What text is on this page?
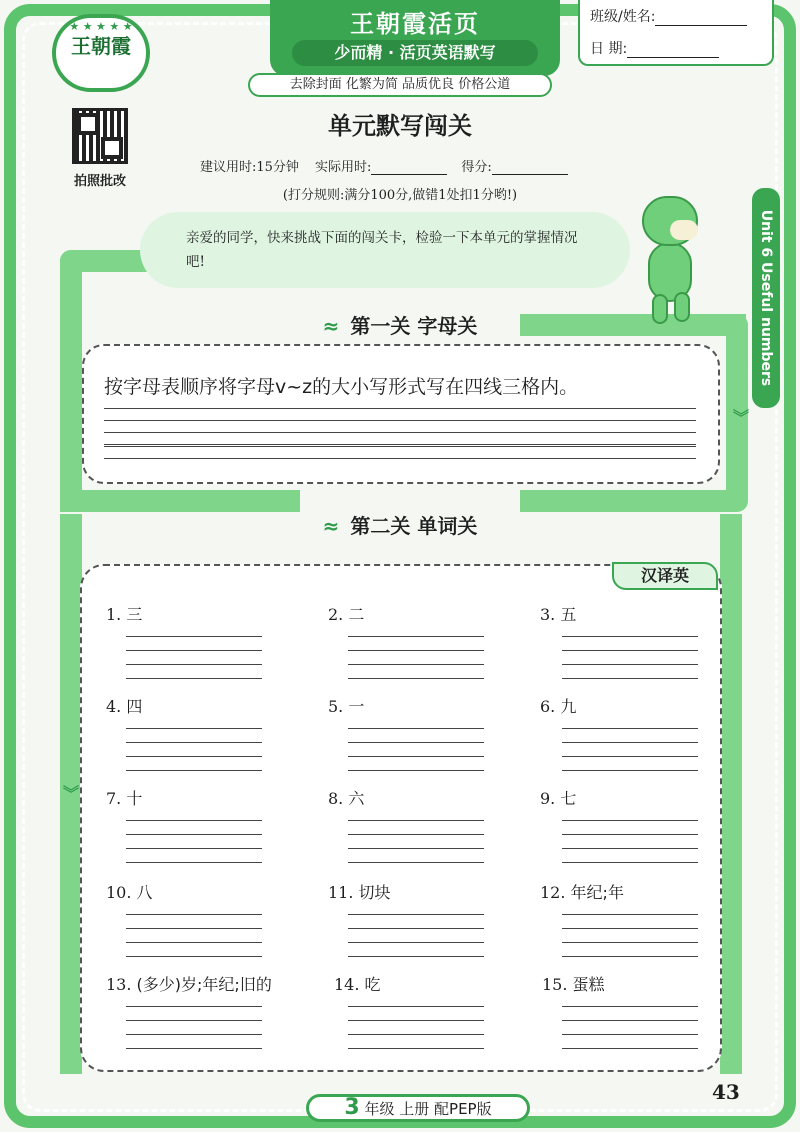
王朝霞活页
少而精 · 活页英语默写
去除封面 化繁为简 品质优良 价格公道
★ ★ ★ ★ ★
王朝霞
班级/姓名:
日 期:
拍照批改
单元默写闯关
建议用时:15分钟 实际用时:	得分:
(打分规则:满分100分,做错1处扣1分哟!)
Unit 6 Useful numbers
︾
︾
亲爱的同学，快来挑战下面的闯关卡，检验一下本单元的掌握情况吧!
≈ 第一关 字母关
按字母表顺序将字母v~z的大小写形式写在四线三格内。
≈ 第二关 单词关
汉译英
1. 三	2. 二	3. 五
4. 四	5. 一	6. 九
7. 十	8. 六	9. 七
10. 八	11. 切块	12. 年纪;年
13. (多少)岁;年纪;旧的	14. 吃	15. 蛋糕
3 年级 上册 配PEP版
43
